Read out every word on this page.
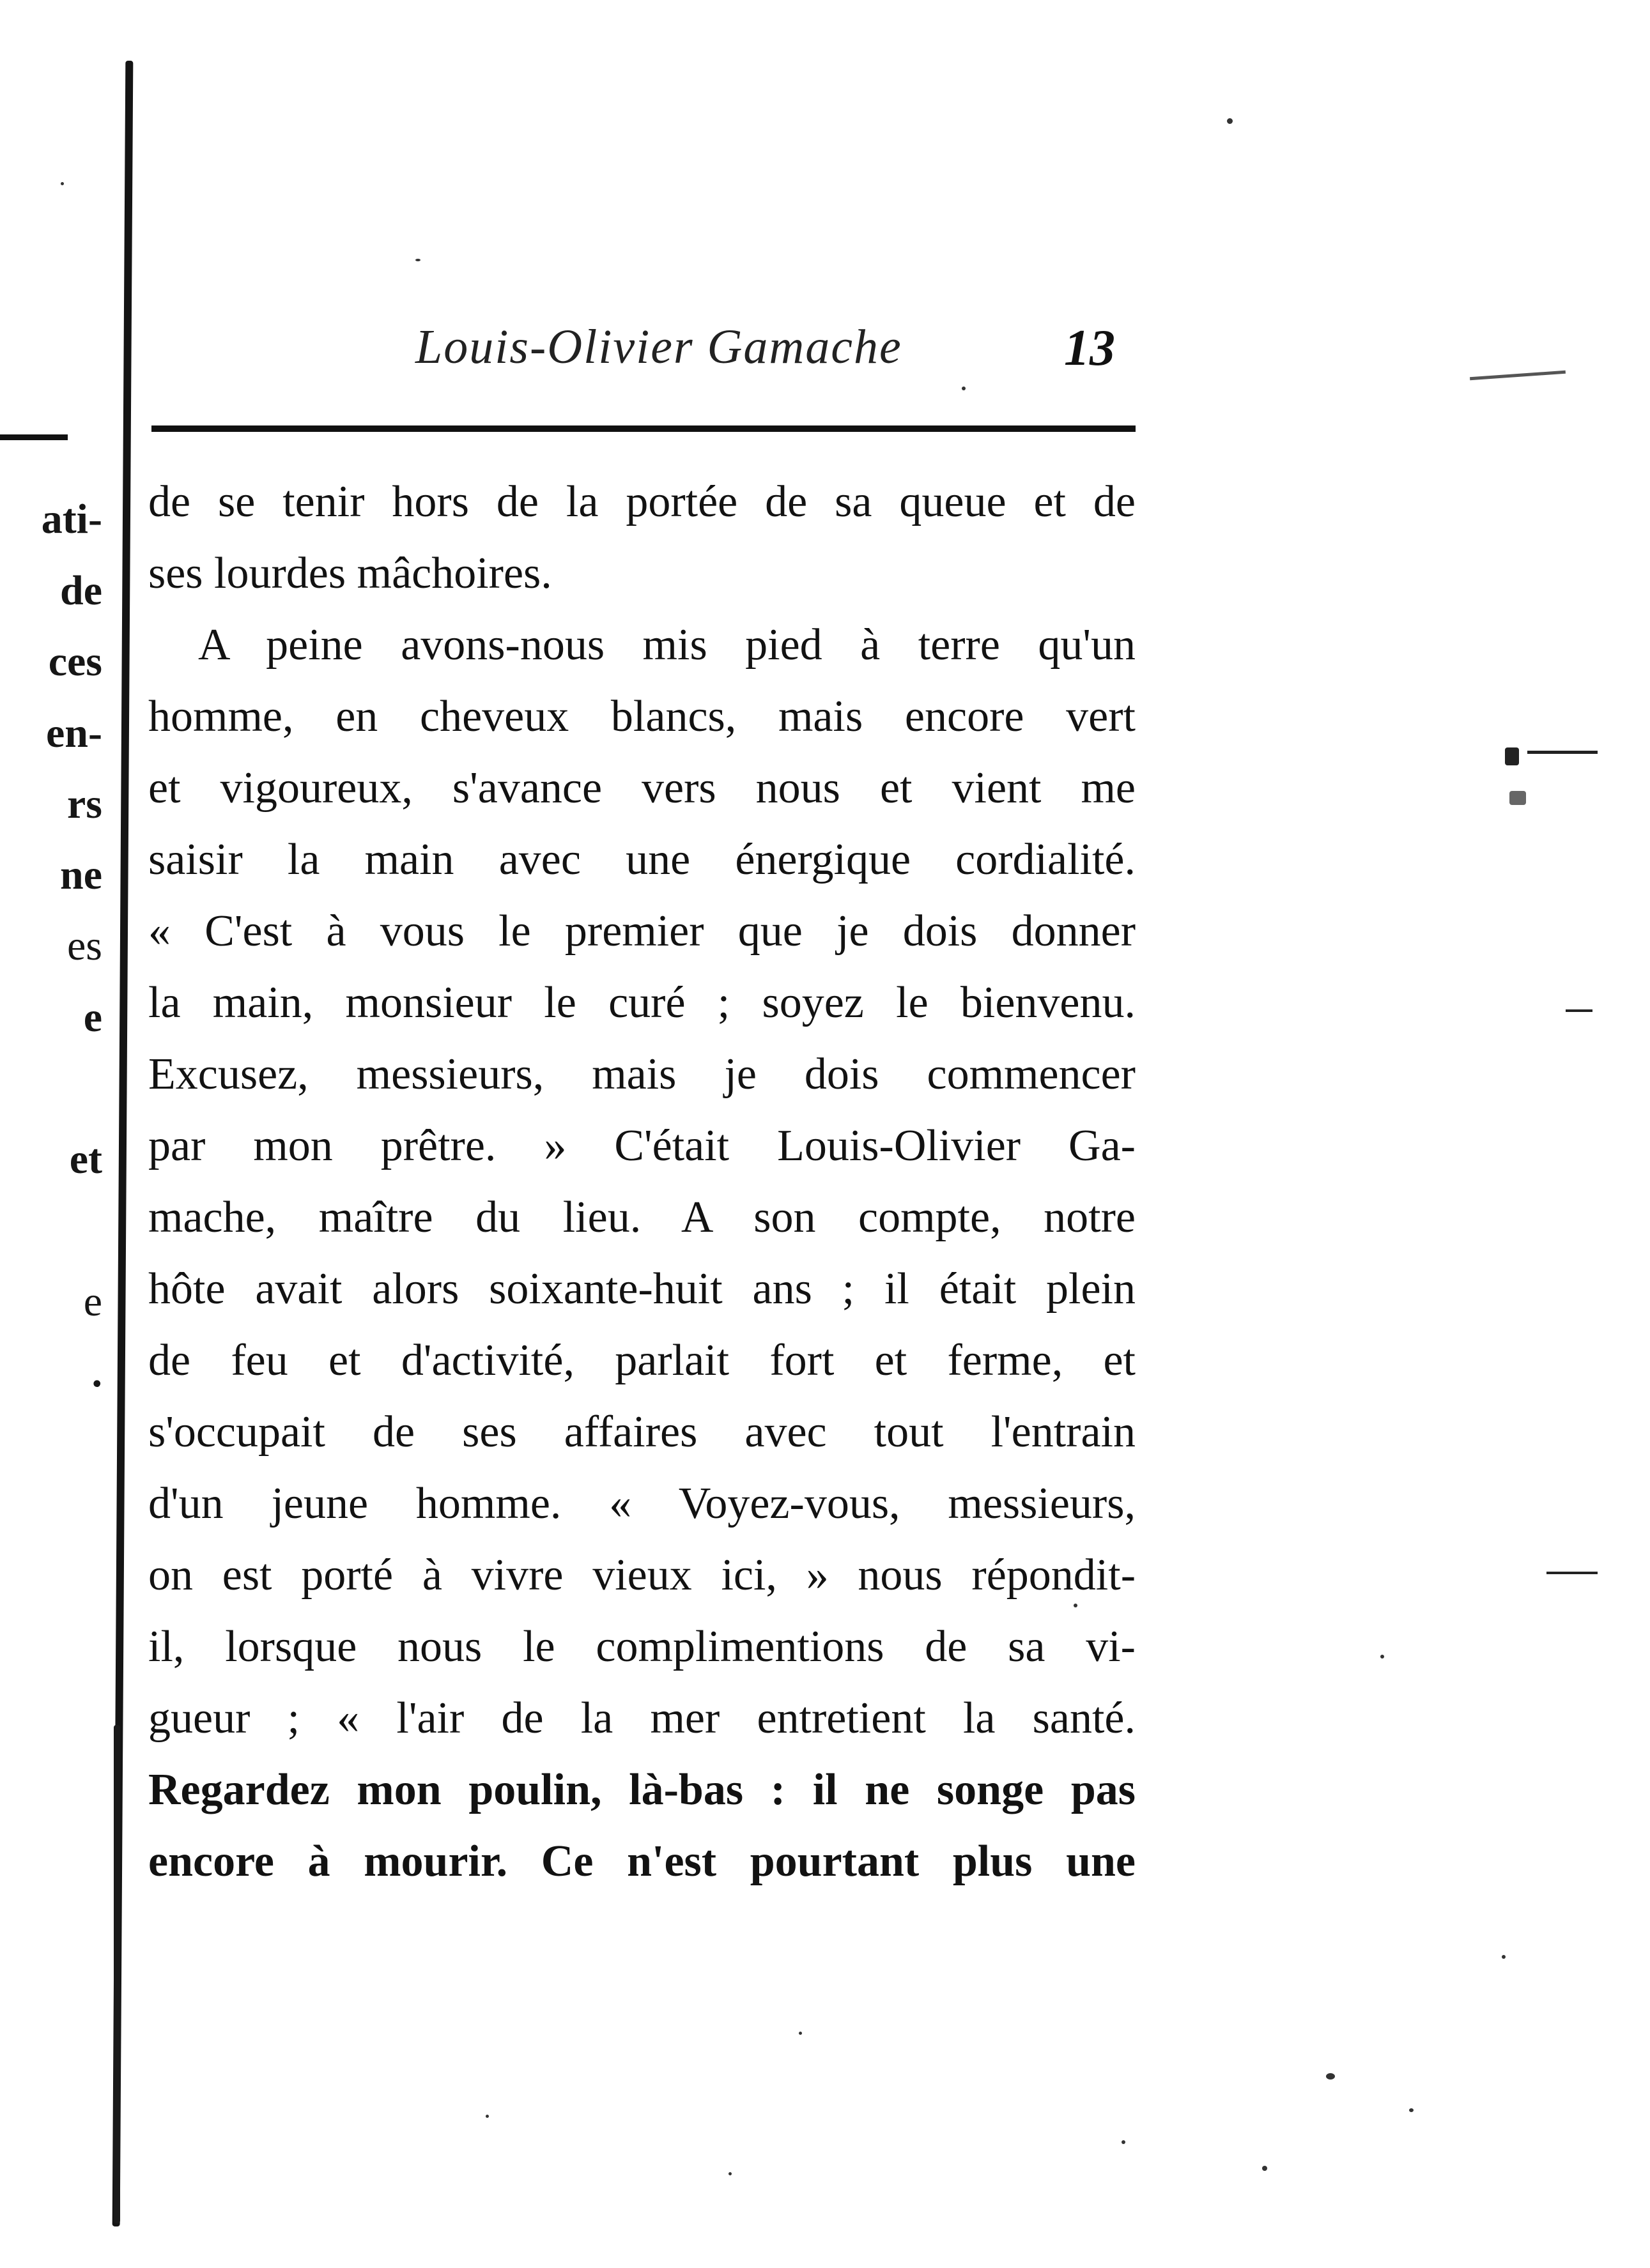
ati-
de
ces
en-
rs
ne
es
e
et
e
.
Louis-Olivier Gamache	13
de se tenir hors de la portée de sa queue et de
ses lourdes mâchoires.
A peine avons-nous mis pied à terre qu'un
homme, en cheveux blancs, mais encore vert
et vigoureux, s'avance vers nous et vient me
saisir la main avec une énergique cordialité.
« C'est à vous le premier que je dois donner
la main, monsieur le curé ; soyez le bienvenu.
Excusez, messieurs, mais je dois commencer
par mon prêtre. » C'était Louis-Olivier Ga-
mache, maître du lieu. A son compte, notre
hôte avait alors soixante-huit ans ; il était plein
de feu et d'activité, parlait fort et ferme, et
s'occupait de ses affaires avec tout l'entrain
d'un jeune homme. « Voyez-vous, messieurs,
on est porté à vivre vieux ici, » nous répondit-
il, lorsque nous le complimentions de sa vi-
gueur ; « l'air de la mer entretient la santé.
Regardez mon poulin, là-bas : il ne songe pas
encore à mourir. Ce n'est pourtant plus une
